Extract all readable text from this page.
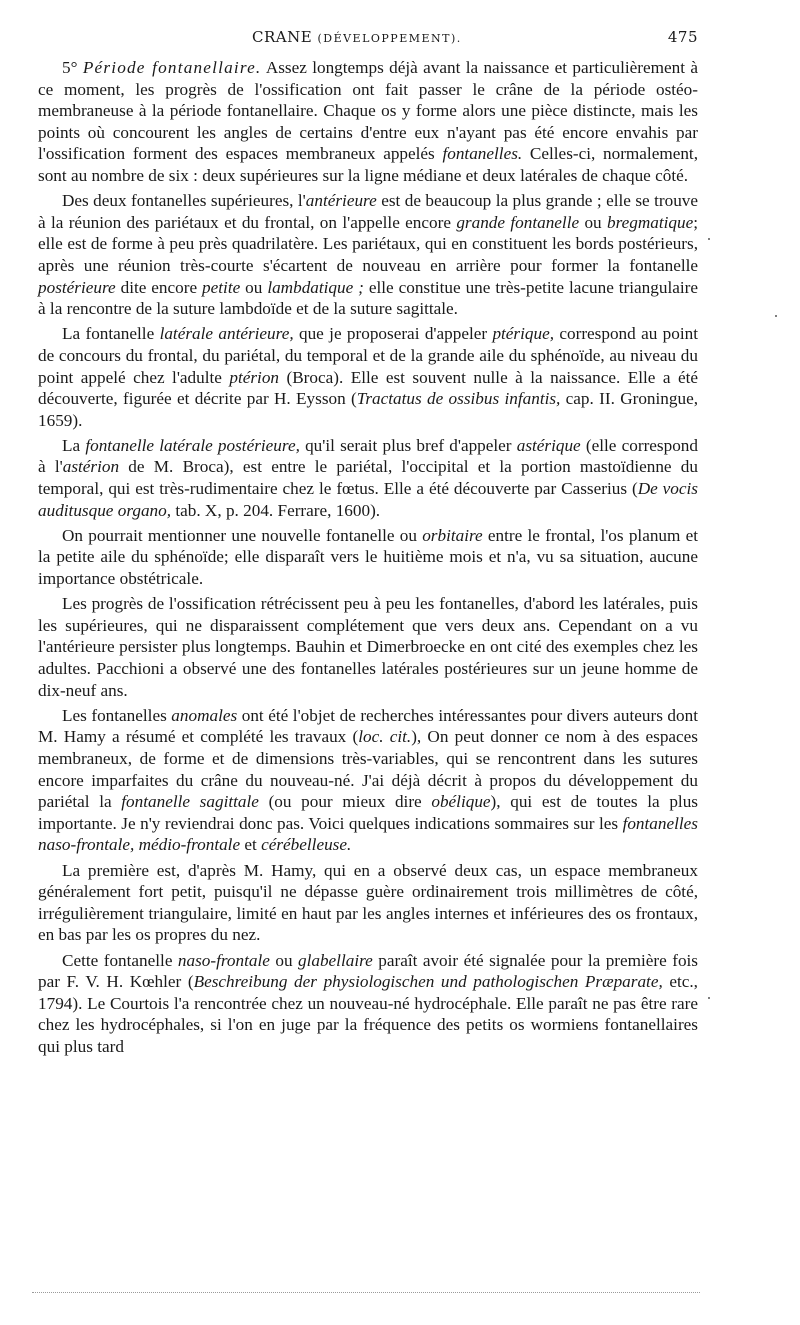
CRANE (DÉVELOPPEMENT).	475

5° Période fontanellaire. Assez longtemps déjà avant la naissance et particulièrement à ce moment, les progrès de l'ossification ont fait passer le crâne de la période ostéo-membraneuse à la période fontanellaire. Chaque os y forme alors une pièce distincte, mais les points où concourent les angles de certains d'entre eux n'ayant pas été encore envahis par l'ossification forment des espaces membraneux appelés fontanelles. Celles-ci, normalement, sont au nombre de six : deux supérieures sur la ligne médiane et deux latérales de chaque côté.

Des deux fontanelles supérieures, l'antérieure est de beaucoup la plus grande ; elle se trouve à la réunion des pariétaux et du frontal, on l'appelle encore grande fontanelle ou bregmatique; elle est de forme à peu près quadrilatère. Les pariétaux, qui en constituent les bords postérieurs, après une réunion très-courte s'écartent de nouveau en arrière pour former la fontanelle postérieure dite encore petite ou lambdatique ; elle constitue une très-petite lacune triangulaire à la rencontre de la suture lambdoïde et de la suture sagittale.

La fontanelle latérale antérieure, que je proposerai d'appeler ptérique, correspond au point de concours du frontal, du pariétal, du temporal et de la grande aile du sphénoïde, au niveau du point appelé chez l'adulte ptérion (Broca). Elle est souvent nulle à la naissance. Elle a été découverte, figurée et décrite par H. Eysson (Tractatus de ossibus infantis, cap. II. Groningue, 1659).

La fontanelle latérale postérieure, qu'il serait plus bref d'appeler astérique (elle correspond à l'astérion de M. Broca), est entre le pariétal, l'occipital et la portion mastoïdienne du temporal, qui est très-rudimentaire chez le fœtus. Elle a été découverte par Casserius (De vocis auditusque organo, tab. X, p. 204. Ferrare, 1600).

On pourrait mentionner une nouvelle fontanelle ou orbitaire entre le frontal, l'os planum et la petite aile du sphénoïde; elle disparaît vers le huitième mois et n'a, vu sa situation, aucune importance obstétricale.

Les progrès de l'ossification rétrécissent peu à peu les fontanelles, d'abord les latérales, puis les supérieures, qui ne disparaissent complétement que vers deux ans. Cependant on a vu l'antérieure persister plus longtemps. Bauhin et Dimerbroecke en ont cité des exemples chez les adultes. Pacchioni a observé une des fontanelles latérales postérieures sur un jeune homme de dix-neuf ans.

Les fontanelles anomales ont été l'objet de recherches intéressantes pour divers auteurs dont M. Hamy a résumé et complété les travaux (loc. cit.), On peut donner ce nom à des espaces membraneux, de forme et de dimensions très-variables, qui se rencontrent dans les sutures encore imparfaites du crâne du nouveau-né. J'ai déjà décrit à propos du développement du pariétal la fontanelle sagittale (ou pour mieux dire obélique), qui est de toutes la plus importante. Je n'y reviendrai donc pas. Voici quelques indications sommaires sur les fontanelles naso-frontale, médio-frontale et cérébelleuse.

La première est, d'après M. Hamy, qui en a observé deux cas, un espace membraneux généralement fort petit, puisqu'il ne dépasse guère ordinairement trois millimètres de côté, irrégulièrement triangulaire, limité en haut par les angles internes et inférieures des os frontaux, en bas par les os propres du nez.

Cette fontanelle naso-frontale ou glabellaire paraît avoir été signalée pour la première fois par F. V. H. Kœhler (Beschreibung der physiologischen und pathologischen Præparate, etc., 1794). Le Courtois l'a rencontrée chez un nouveau-né hydrocéphale. Elle paraît ne pas être rare chez les hydrocéphales, si l'on en juge par la fréquence des petits os wormiens fontanellaires qui plus tard
